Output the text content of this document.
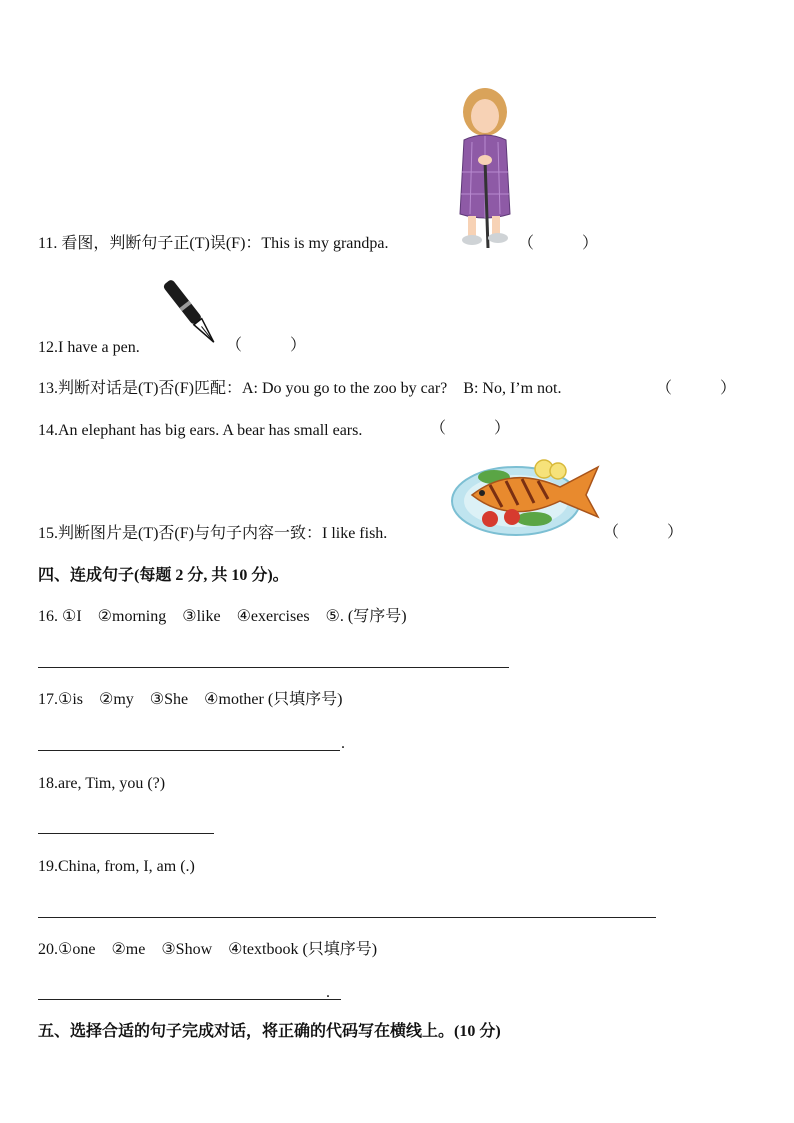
11. 看图，判断句子正(T)误(F)：This is my grandpa.	（　　　）
12.I have a pen.	（　　　）
13.判断对话是(T)否(F)匹配：A: Do you go to the zoo by car?　B: No, I’m not.	（　　　）
14.An elephant has big ears. A bear has small ears.	（　　　）
15.判断图片是(T)否(F)与句子内容一致：I like fish.	（　　　）
四、连成句子(每题 2 分, 共 10 分)。
16. ①I　②morning　③like　④exercises　⑤. (写序号)
17.①is　②my　③She　④mother (只填序号)
.
18.are, Tim, you (?)
19.China, from, I, am (.)
20.①one　②me　③Show　④textbook (只填序号)
.
五、选择合适的句子完成对话，将正确的代码写在横线上。(10 分)
